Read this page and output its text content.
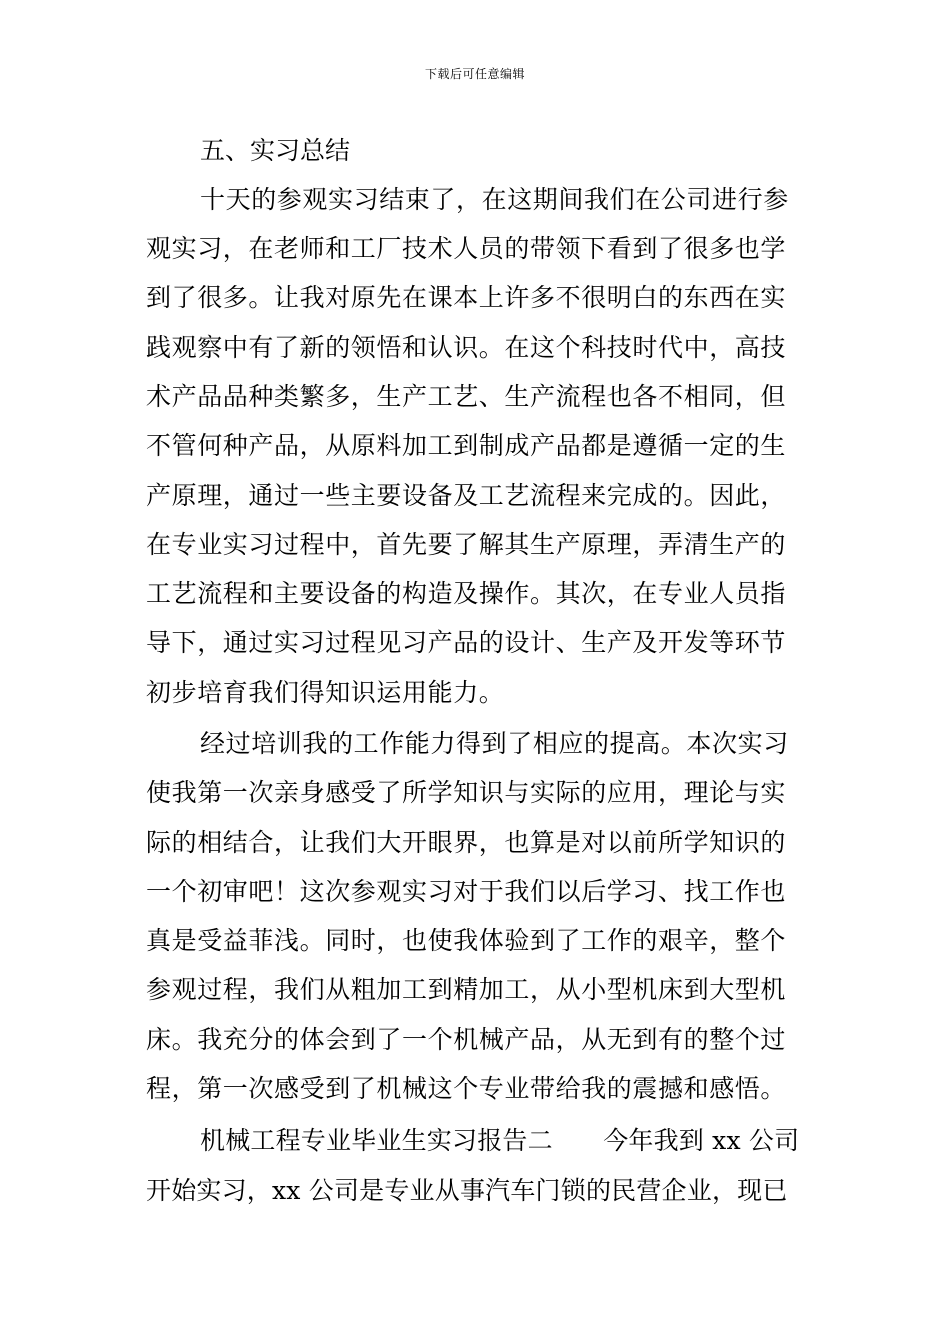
下载后可任意编辑
五、实习总结
十天的参观实习结束了，在这期间我们在公司进行参
观实习，在老师和工厂技术人员的带领下看到了很多也学
到了很多。让我对原先在课本上许多不很明白的东西在实
践观察中有了新的领悟和认识。在这个科技时代中，高技
术产品品种类繁多，生产工艺、生产流程也各不相同，但
不管何种产品，从原料加工到制成产品都是遵循一定的生
产原理，通过一些主要设备及工艺流程来完成的。因此，
在专业实习过程中，首先要了解其生产原理，弄清生产的
工艺流程和主要设备的构造及操作。其次，在专业人员指
导下，通过实习过程见习产品的设计、生产及开发等环节
初步培育我们得知识运用能力。
经过培训我的工作能力得到了相应的提高。本次实习
使我第一次亲身感受了所学知识与实际的应用，理论与实
际的相结合，让我们大开眼界，也算是对以前所学知识的
一个初审吧！这次参观实习对于我们以后学习、找工作也
真是受益菲浅。同时，也使我体验到了工作的艰辛，整个
参观过程，我们从粗加工到精加工，从小型机床到大型机
床。我充分的体会到了一个机械产品，从无到有的整个过
程，第一次感受到了机械这个专业带给我的震撼和感悟。
机械工程专业毕业生实习报告二　　今年我到 xx 公司
开始实习，xx 公司是专业从事汽车门锁的民营企业，现已
